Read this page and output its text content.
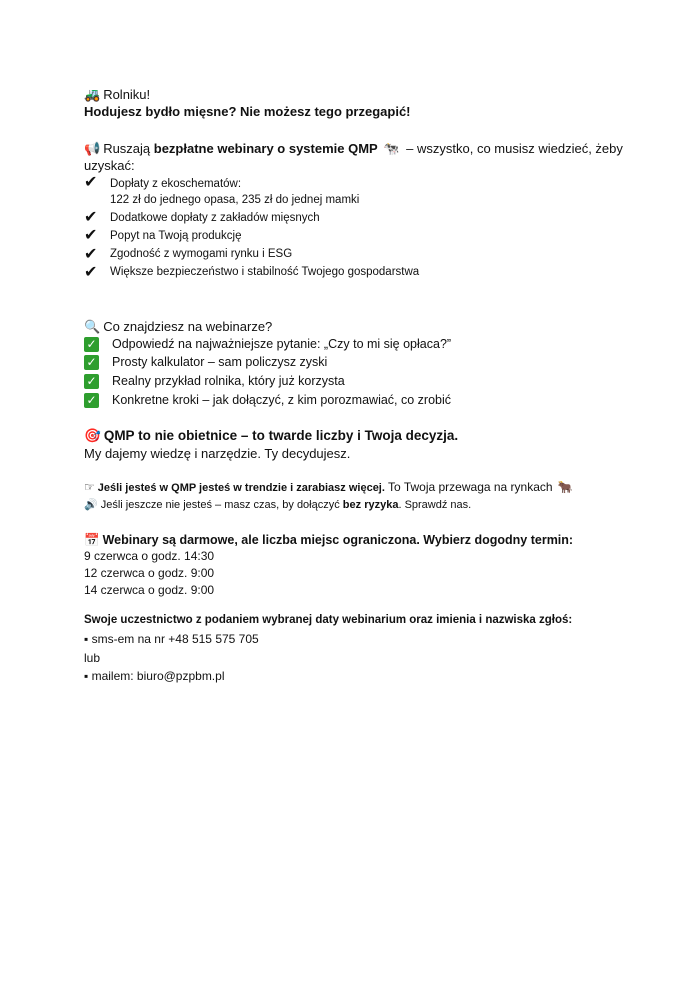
🚜 Rolniku!
Hodujesz bydło mięsne? Nie możesz tego przegapić!
📢 Ruszają bezpłatne webinary o systemie QMP 🐄 – wszystko, co musisz wiedzieć, żeby
uzyskać:
✔ Dopłaty z ekoschematów:
122 zł do jednego opasa, 235 zł do jednej mamki
✔ Dodatkowe dopłaty z zakładów mięsnych
✔ Popyt na Twoją produkcję
✔ Zgodność z wymogami rynku i ESG
✔ Większe bezpieczeństwo i stabilność Twojego gospodarstwa
🔍 Co znajdziesz na webinarze?
✓ Odpowiedź na najważniejsze pytanie: „Czy to mi się opłaca?”
✓ Prosty kalkulator – sam policzysz zyski
✓ Realny przykład rolnika, który już korzysta
✓ Konkretne kroki – jak dołączyć, z kim porozmawiać, co zrobić
🎯 QMP to nie obietnice – to twarde liczby i Twoja decyzja.
My dajemy wiedzę i narzędzie. Ty decydujesz.
☞ Jeśli jesteś w QMP jesteś w trendzie i zarabiasz więcej. To Twoja przewaga na rynkach 🐂
🔊 Jeśli jeszcze nie jesteś – masz czas, by dołączyć bez ryzyka. Sprawdź nas.
📅 Webinary są darmowe, ale liczba miejsc ograniczona. Wybierz dogodny termin:
9 czerwca o godz. 14:30
12 czerwca o godz. 9:00
14 czerwca o godz. 9:00
Swoje uczestnictwo z podaniem wybranej daty webinarium oraz imienia i nazwiska zgłoś:
▪ sms-em na nr +48 515 575 705
lub
▪ mailem: biuro@pzpbm.pl
